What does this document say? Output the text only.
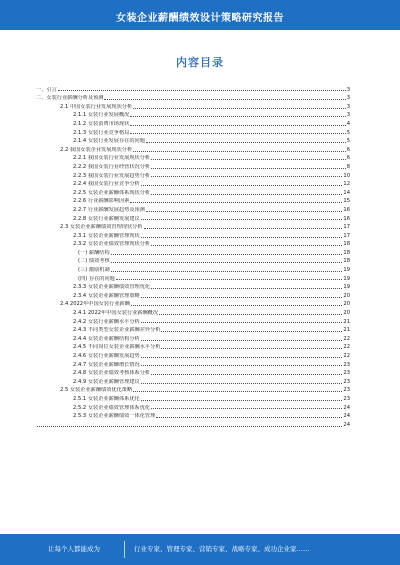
女装企业薪酬绩效设计策略研究报告
内容目录
一、引言	3
二、女装行业薪酬分析及预测	3
2.1 中国女装行业发展现状分析	3
2.1.1 女装行业发展概况	3
2.1.2 女装消费市场现状	4
2.1.3 女装行业竞争格局	5
2.1.4 女装行业发展存在的问题	5
2.2 我国女装企业发展现状分析	6
2.2.1 我国女装行业发展现状分析	6
2.2.2 我国女装行业经营状况分析	8
2.2.3 我国女装行业发展趋势分析	10
2.2.4 我国女装行业竞争分析	12
2.2.5 女装企业薪酬体系现状分析	14
2.2.6 行业薪酬影响因素	15
2.2.7 行业薪酬发展趋势及预测	16
2.2.8 女装行业薪酬发展建议	16
2.3 女装企业薪酬绩效管理现状分析	17
2.3.1 女装企业薪酬管理现状	17
2.3.2 女装企业绩效管理现状分析	18
(一) 薪酬结构	18
(二) 绩效考核	18
(三) 激励机制	19
(四) 存在的问题	19
2.3.3 女装企业薪酬绩效管理优化	19
2.3.4 女装企业薪酬管理策略	20
2.4 2022年中国女装行业薪酬	20
2.4.1 2022年中国女装行业薪酬概况	20
2.4.2 女装行业薪酬水平分析	21
2.4.3 不同类型女装企业薪酬差异分析	21
2.4.4 女装企业薪酬结构分析	22
2.4.5 不同岗位女装企业薪酬水平分析	22
2.4.6 女装行业薪酬发展趋势	22
2.4.7 女装企业薪酬增长情况	23
2.4.8 女装企业绩效考核体系分析	23
2.4.9 女装企业薪酬管理建议	23
2.5 女装企业薪酬绩效优化策略	23
2.5.1 女装企业薪酬体系优化	23
2.5.2 女装企业绩效管理体系优化	24
2.5.3 女装企业薪酬绩效一体化管理	24
24
让每个人都能成为	行业专家、管理专家、营销专家、战略专家、成功企业家……
